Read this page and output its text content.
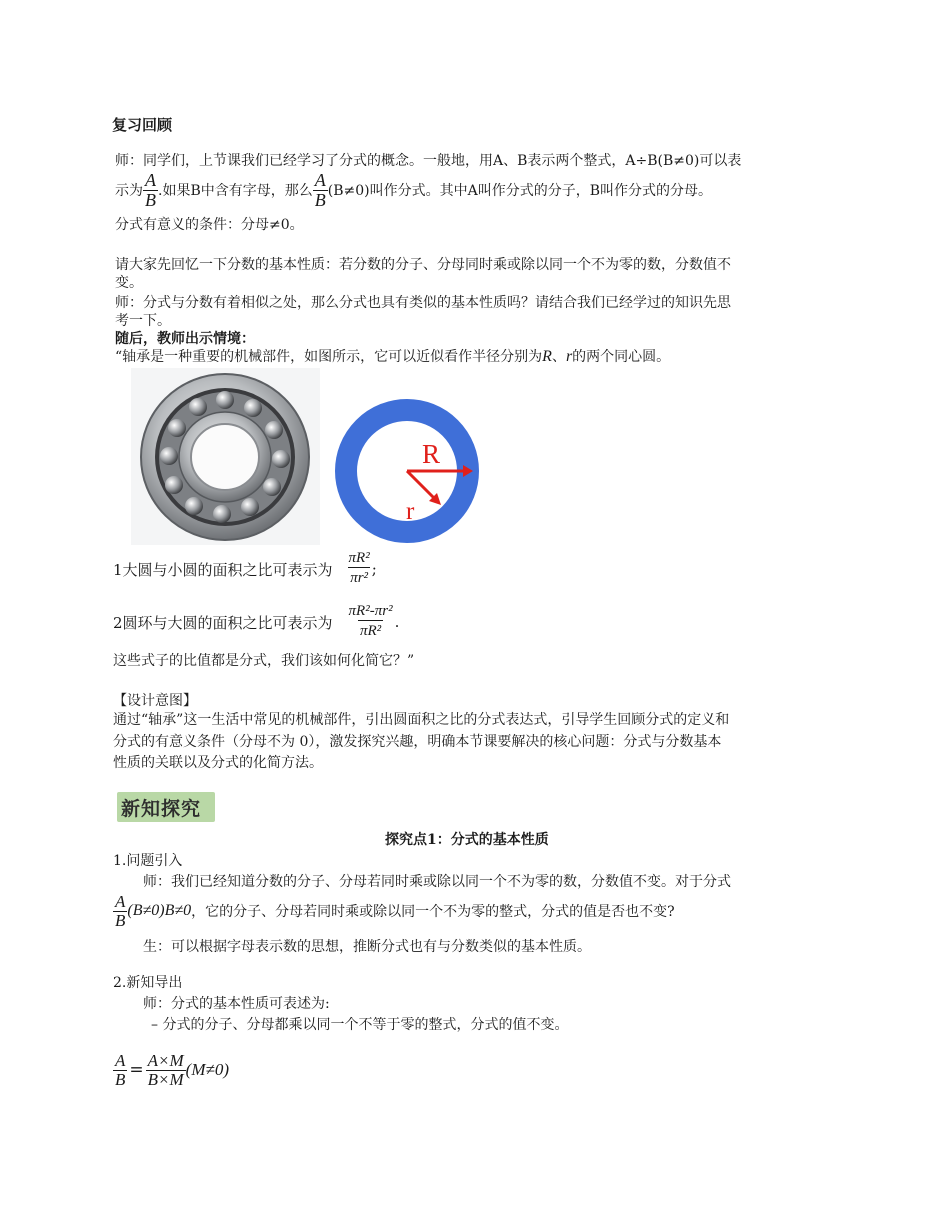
复习回顾
师：同学们，上节课我们已经学习了分式的概念。一般地，用A、B表示两个整式，A÷B(B≠0)可以表
示为 $\frac{A}{B}$ .如果B中含有字母，那么 $\frac{A}{B} (B\ne 0)$叫作分式。其中A叫作分式的分子，B叫作分式的分母。
分式有意义的条件：分母≠0。
请大家先回忆一下分数的基本性质：若分数的分子、分母同时乘或除以同一个不为零的数，分数值不
变。
师：分式与分数有着相似之处，那么分式也具有类似的基本性质吗？请结合我们已经学过的知识先思
考一下。
随后，教师出示情境：
“轴承是一种重要的机械部件，如图所示，它可以近似看作半径分别为R、r的两个同心圆。
R
r
1大圆与小圆的面积之比可表示为 $\frac{\text{πR²}}{\text{πr²}}$ ;
2圆环与大圆的面积之比可表示为 $\frac{\text{πR²-πr²}}{\text{πR²}}$ .
这些式子的比值都是分式，我们该如何化简它？”
【设计意图】
通过“轴承”这一生活中常见的机械部件，引出圆面积之比的分式表达式，引导学生回顾分式的定义和
分式的有意义条件（分母不为 0），激发探究兴趣，明确本节课要解决的核心问题：分式与分数基本
性质的关联以及分式的化简方法。
新知探究
探究点1：分式的基本性质
1.问题引入
师：我们已经知道分数的分子、分母若同时乘或除以同一个不为零的数，分数值不变。对于分式
$\frac{A}{B} (B\ne 0)B\ne 0$ ，它的分子、分母若同时乘或除以同一个不为零的整式，分式的值是否也不变?
生：可以根据字母表示数的思想，推断分式也有与分数类似的基本性质。
2.新知导出
师：分式的基本性质可表述为:
– 分式的分子、分母都乘以同一个不等于零的整式，分式的值不变。
$\frac{A}{B} = \frac{A\times M}{B\times M} (M\ne 0)$
